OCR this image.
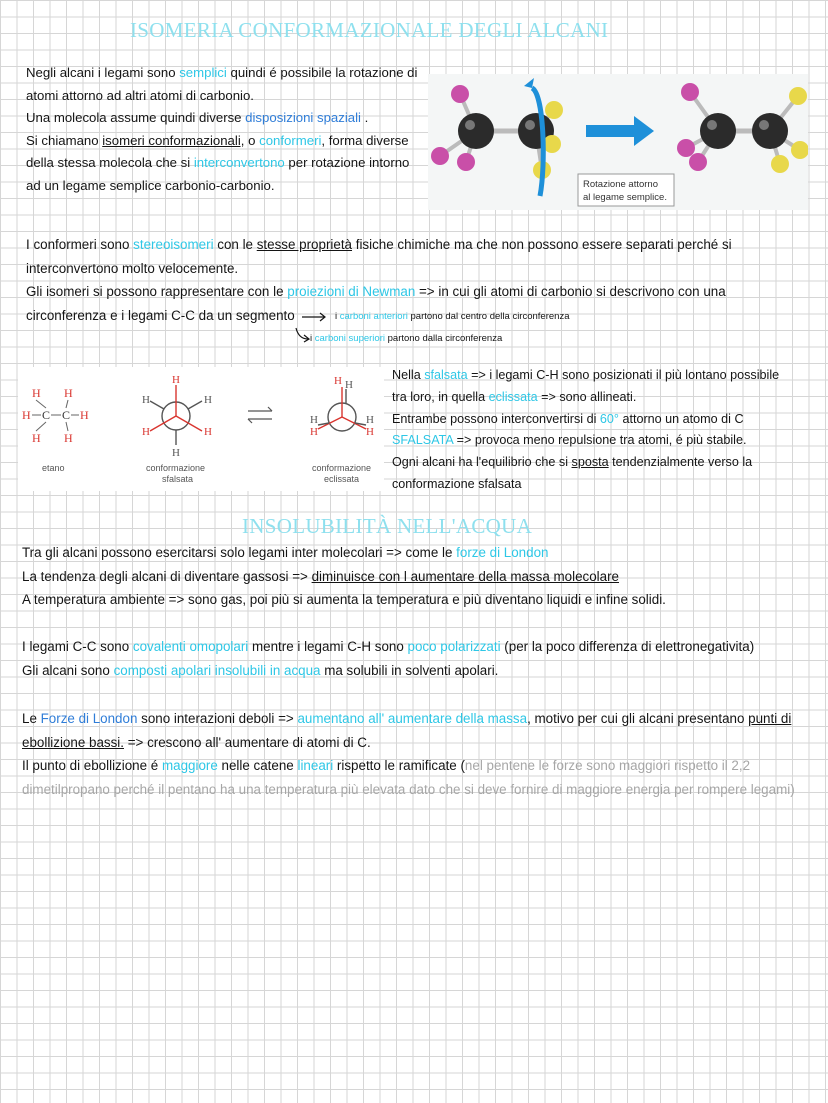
ISOMERIA CONFORMAZIONALE DEGLI ALCANI
Negli alcani i legami sono semplici quindi é possibile la rotazione di
atomi attorno ad altri atomi di carbonio.
Una molecola assume quindi diverse disposizioni spaziali .
Si chiamano isomeri conformazionali, o conformeri, forma diverse
della stessa molecola che si interconvertono per rotazione intorno
ad un legame semplice carbonio-carbonio.	Rotazione attorno
al legame semplice.
I conformeri sono stereoisomeri con le stesse proprietà fisiche chimiche ma che non possono essere separati perché si
interconvertono molto velocemente.
Gli isomeri si possono rappresentare con le proiezioni di Newman => in cui gli atomi di carbonio si descrivono con una
circonferenza e i legami C-C da un segmento	i carboni anteriori partono dal centro della circonferenza
i carboni superiori partono dalla circonferenza
H H
H C C H
H H
etano
H
H	H
H	H
H
conformazione
sfalsata
H H
H
H
H
H
conformazione
eclissata
Nella sfalsata => i legami C-H sono posizionati il più lontano possibile
tra loro, in quella eclissata => sono allineati.
Entrambe possono interconvertirsi di 60° attorno un atomo di C
SFALSATA => provoca meno repulsione tra atomi, é più stabile.
Ogni alcani ha l'equilibrio che si sposta tendenzialmente verso la
conformazione sfalsata
INSOLUBILITÀ NELL'ACQUA
Tra gli alcani possono esercitarsi solo legami inter molecolari => come le forze di London
La tendenza degli alcani di diventare gassosi => diminuisce con l aumentare della massa molecolare
A temperatura ambiente => sono gas, poi più si aumenta la temperatura e più diventano liquidi e infine solidi.
I legami C-C sono covalenti omopolari mentre i legami C-H sono poco polarizzati (per la poco differenza di elettronegativita)
Gli alcani sono composti apolari insolubili in acqua ma solubili in solventi apolari.
Le Forze di London sono interazioni deboli => aumentano all' aumentare della massa, motivo per cui gli alcani presentano punti di
ebollizione bassi. => crescono all' aumentare di atomi di C.
Il punto di ebollizione é maggiore nelle catene lineari rispetto le ramificate (nel pentene le forze sono maggiori rispetto il 2,2
dimetilpropano perché il pentano ha una temperatura più elevata dato che si deve fornire di maggiore energia per rompere legami)
